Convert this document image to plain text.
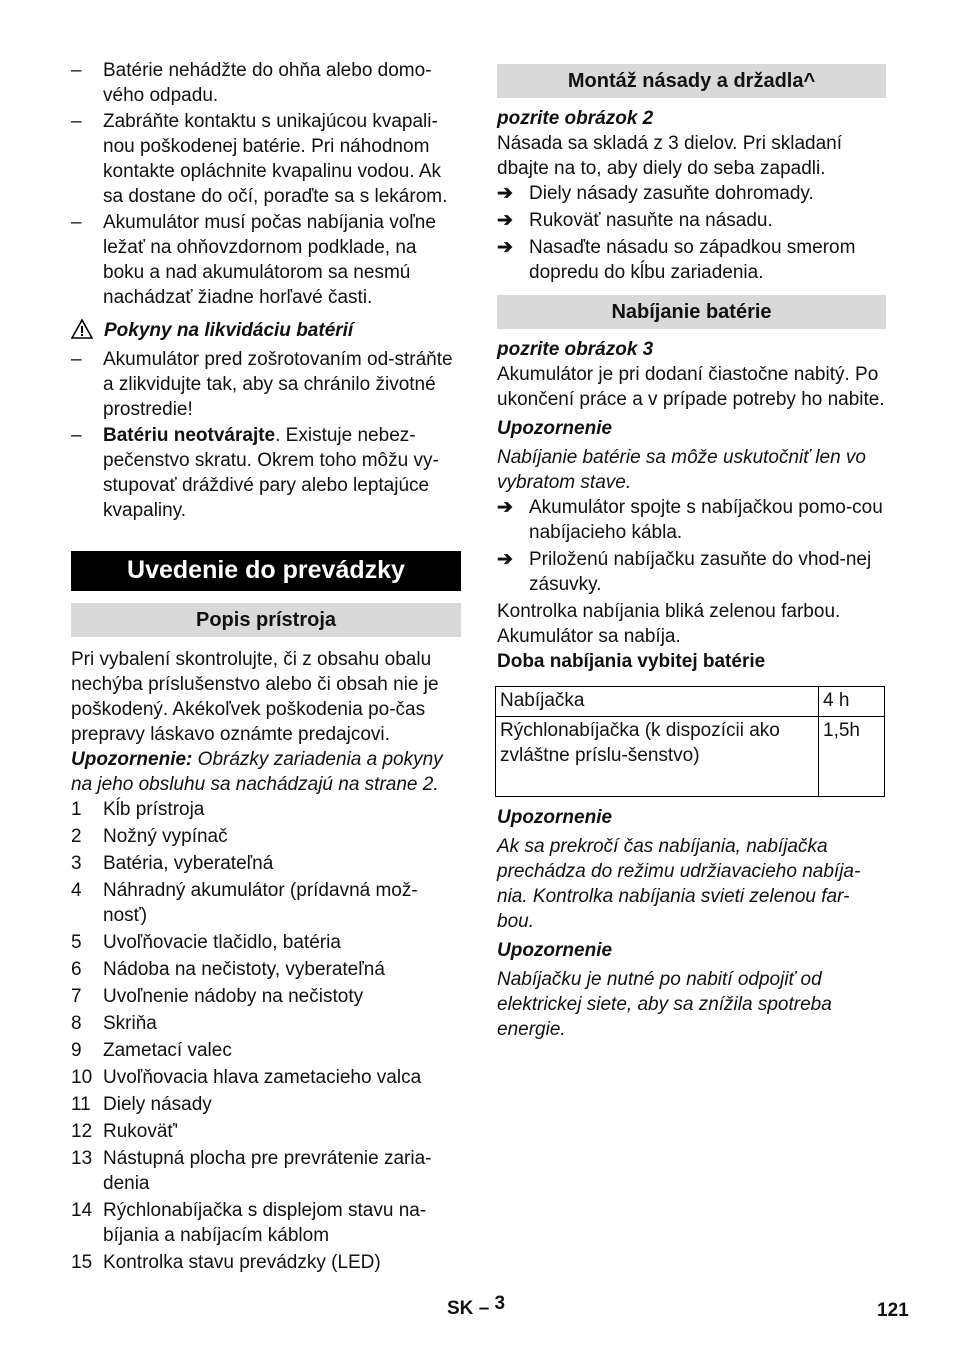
– Batérie nehádžte do ohňa alebo domo-vého odpadu.
– Zabráňte kontaktu s unikajúcou kvapali-nou poškodenej batérie. Pri náhodnom kontakte opláchnite kvapalinu vodou. Ak sa dostane do očí, poraďte sa s lekárom.
– Akumulátor musí počas nabíjania voľne ležať na ohňovzdornom podklade, na boku a nad akumulátorom sa nesmú nachádzať žiadne horľavé časti.
Pokyny na likvidáciu batérií
– Akumulátor pred zošrotovaním od-stráňte a zlikvidujte tak, aby sa chránilo životné prostredie!
– Batériu neotvárajte. Existuje nebez-pečenstvo skratu. Okrem toho môžu vy-stupovať dráždivé pary alebo leptajúce kvapaliny.
Uvedenie do prevádzky
Popis prístroja

Pri vybalení skontrolujte, či z obsahu obalu nechýba príslušenstvo alebo či obsah nie je poškodený. Akékoľvek poškodenia po-čas prepravy láskavo oznámte predajcovi.

Upozornenie: Obrázky zariadenia a pokyny na jeho obsluhu sa nachádzajú na strane 2.

1 Kĺb prístroja
2 Nožný vypínač
3 Batéria, vyberateľná
4 Náhradný akumulátor (prídavná mož-nosť)
5 Uvoľňovacie tlačidlo, batéria
6 Nádoba na nečistoty, vyberateľná
7 Uvoľnenie nádoby na nečistoty
8 Skriňa
9 Zametací valec
10 Uvoľňovacia hlava zametacieho valca
11 Diely násady
12 Rukoväť'
13 Nástupná plocha pre prevrátenie zaria-denia
14 Rýchlonabíjačka s displejom stavu na-bíjania a nabíjacím káblom
15 Kontrolka stavu prevádzky (LED)
Montáž násady a držadla^

pozrite obrázok 2

Násada sa skladá z 3 dielov. Pri skladaní dbajte na to, aby diely do seba zapadli.

➔ Diely násady zasuňte dohromady.
➔ Rukoväť nasuňte na násadu.
➔ Nasaďte násadu so západkou smerom dopredu do kĺbu zariadenia.
Nabíjanie batérie

pozrite obrázok 3

Akumulátor je pri dodaní čiastočne nabitý. Po ukončení práce a v prípade potreby ho nabite.

Upozornenie

Nabíjanie batérie sa môže uskutočniť len vo vybratom stave.

➔ Akumulátor spojte s nabíjačkou pomo-cou nabíjacieho kábla.
➔ Priloženú nabíjačku zasuňte do vhod-nej zásuvky.

Kontrolka nabíjania bliká zelenou farbou. Akumulátor sa nabíja.

Doba nabíjania vybitej batérie

Nabíjačka	4 h
Rýchlonabíjačka (k dispozícii ako zvláštne príslu-šenstvo)	1,5h

Upozornenie

Ak sa prekročí čas nabíjania, nabíjačka prechádza do režimu udržiavacieho nabíja-nia. Kontrolka nabíjania svieti zelenou far-bou.

Upozornenie

Nabíjačku je nutné po nabití odpojiť od elektrickej siete, aby sa znížila spotreba energie.

SK – 3	121
